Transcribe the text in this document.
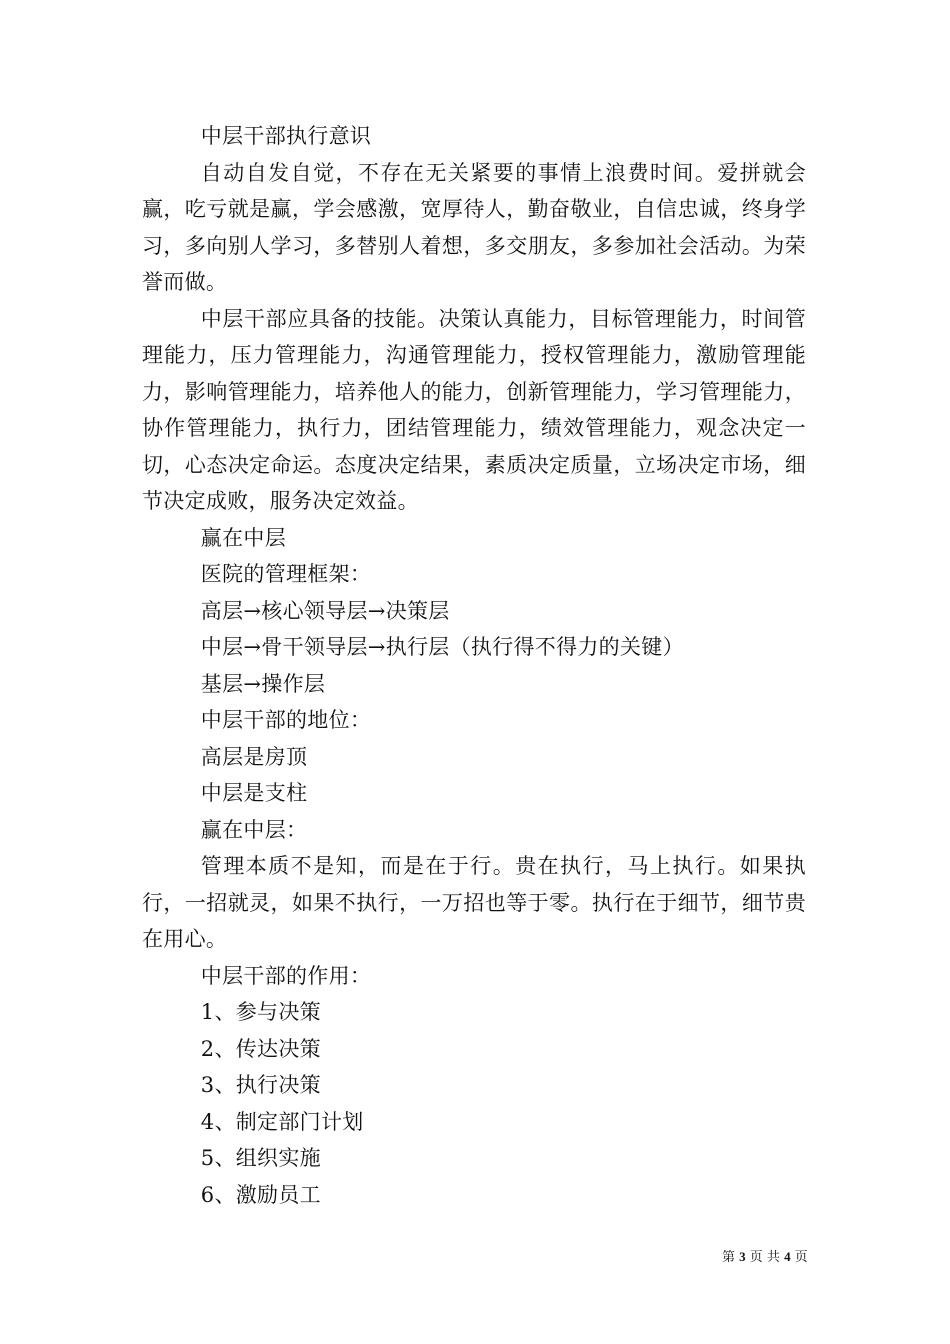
中层干部执行意识

自动自发自觉，不存在无关紧要的事情上浪费时间。爱拼就会赢，吃亏就是赢，学会感激，宽厚待人，勤奋敬业，自信忠诚，终身学习，多向别人学习，多替别人着想，多交朋友，多参加社会活动。为荣誉而做。

中层干部应具备的技能。决策认真能力，目标管理能力，时间管理能力，压力管理能力，沟通管理能力，授权管理能力，激励管理能力，影响管理能力，培养他人的能力，创新管理能力，学习管理能力，协作管理能力，执行力，团结管理能力，绩效管理能力，观念决定一切，心态决定命运。态度决定结果，素质决定质量，立场决定市场，细节决定成败，服务决定效益。

赢在中层

医院的管理框架：

高层→核心领导层→决策层

中层→骨干领导层→执行层（执行得不得力的关键）

基层→操作层

中层干部的地位：

高层是房顶

中层是支柱

赢在中层：

管理本质不是知，而是在于行。贵在执行，马上执行。如果执行，一招就灵，如果不执行，一万招也等于零。执行在于细节，细节贵在用心。

中层干部的作用：

1、参与决策

2、传达决策

3、执行决策

4、制定部门计划

5、组织实施

6、激励员工

第 3 页 共 4 页
